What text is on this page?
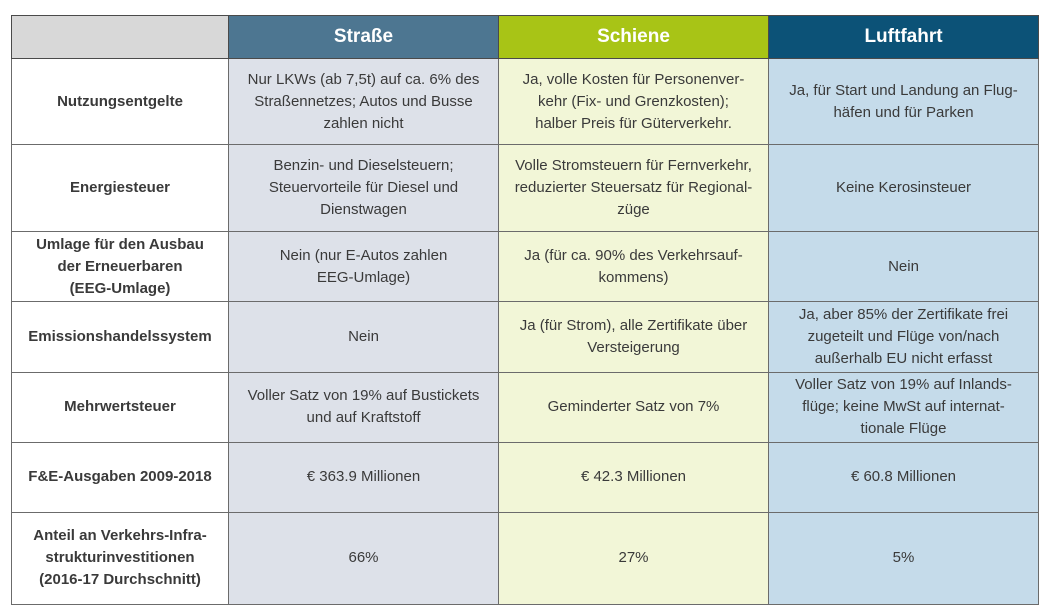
	Straße	Schiene	Luftfahrt

Nutzungsentgelte	Nur LKWs (ab 7,5t) auf ca. 6% des
Straßennetzes; Autos und Busse
zahlen nicht	Ja, volle Kosten für Personenver-
kehr (Fix- und Grenzkosten);
halber Preis für Güterverkehr.	Ja, für Start und Landung an Flug-
häfen und für Parken

Energiesteuer	Benzin- und Dieselsteuern;
Steuervorteile für Diesel und
Dienstwagen	Volle Stromsteuern für Fernverkehr,
reduzierter Steuersatz für Regional-
züge	Keine Kerosinsteuer

Umlage für den Ausbau
der Erneuerbaren
(EEG-Umlage)	Nein (nur E-Autos zahlen
EEG-Umlage)	Ja (für ca. 90% des Verkehrsauf-
kommens)	Nein

Emissionshandelssystem	Nein	Ja (für Strom), alle Zertifikate über
Versteigerung	Ja, aber 85% der Zertifikate frei
zugeteilt und Flüge von/nach
außerhalb EU nicht erfasst

Mehrwertsteuer	Voller Satz von 19% auf Bustickets
und auf Kraftstoff	Geminderter Satz von 7%	Voller Satz von 19% auf Inlands-
flüge; keine MwSt auf internat-
tionale Flüge

F&E-Ausgaben 2009-2018	€ 363.9 Millionen	€ 42.3 Millionen	€ 60.8 Millionen

Anteil an Verkehrs-Infra-
strukturinvestitionen
(2016-17 Durchschnitt)	66%	27%	5%
